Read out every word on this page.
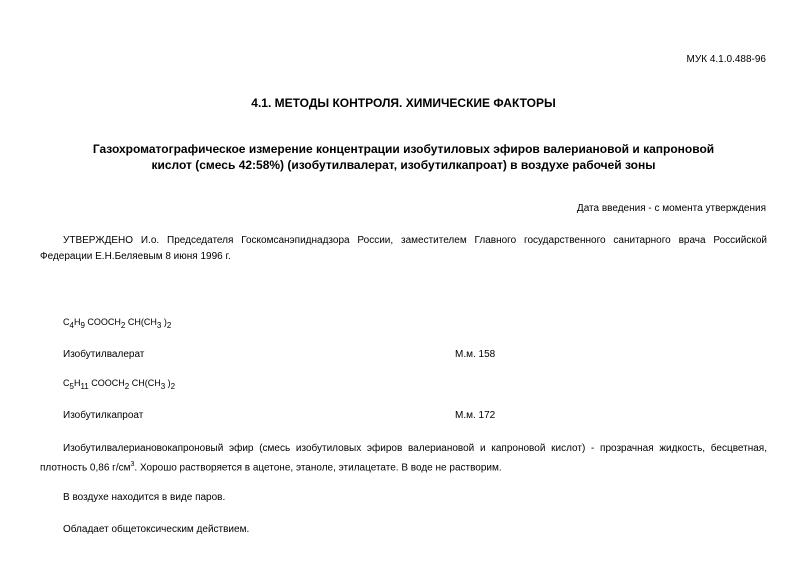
МУК 4.1.0.488-96
4.1. МЕТОДЫ КОНТРОЛЯ. ХИМИЧЕСКИЕ ФАКТОРЫ
Газохроматографическое измерение концентрации изобутиловых эфиров валериановой и капроновой
кислот (смесь 42:58%) (изобутилвалерат, изобутилкапроат) в воздухе рабочей зоны
Дата введения - с момента утверждения
УТВЕРЖДЕНО И.о. Председателя Госкомсанэпиднадзора России, заместителем Главного государственного санитарного врача Российской Федерации Е.Н.Беляевым 8 июня 1996 г.
$C_4H_9$ $COOCH_2$ $CH(CH_3$ )$_2$
Изобутилвалерат	М.м. 158
$C_5H_{11}$ $COOCH_2$ $CH(CH_3$ )$_2$
Изобутилкапроат	М.м. 172
Изобутилвалериановокапроновый эфир (смесь изобутиловых эфиров валериановой и капроновой кислот) - прозрачная жидкость, бесцветная, плотность 0,86 $г/см^3$. Хорошо растворяется в ацетоне, этаноле, этилацетате. В воде не растворим.
В воздухе находится в виде паров.
Обладает общетоксическим действием.
